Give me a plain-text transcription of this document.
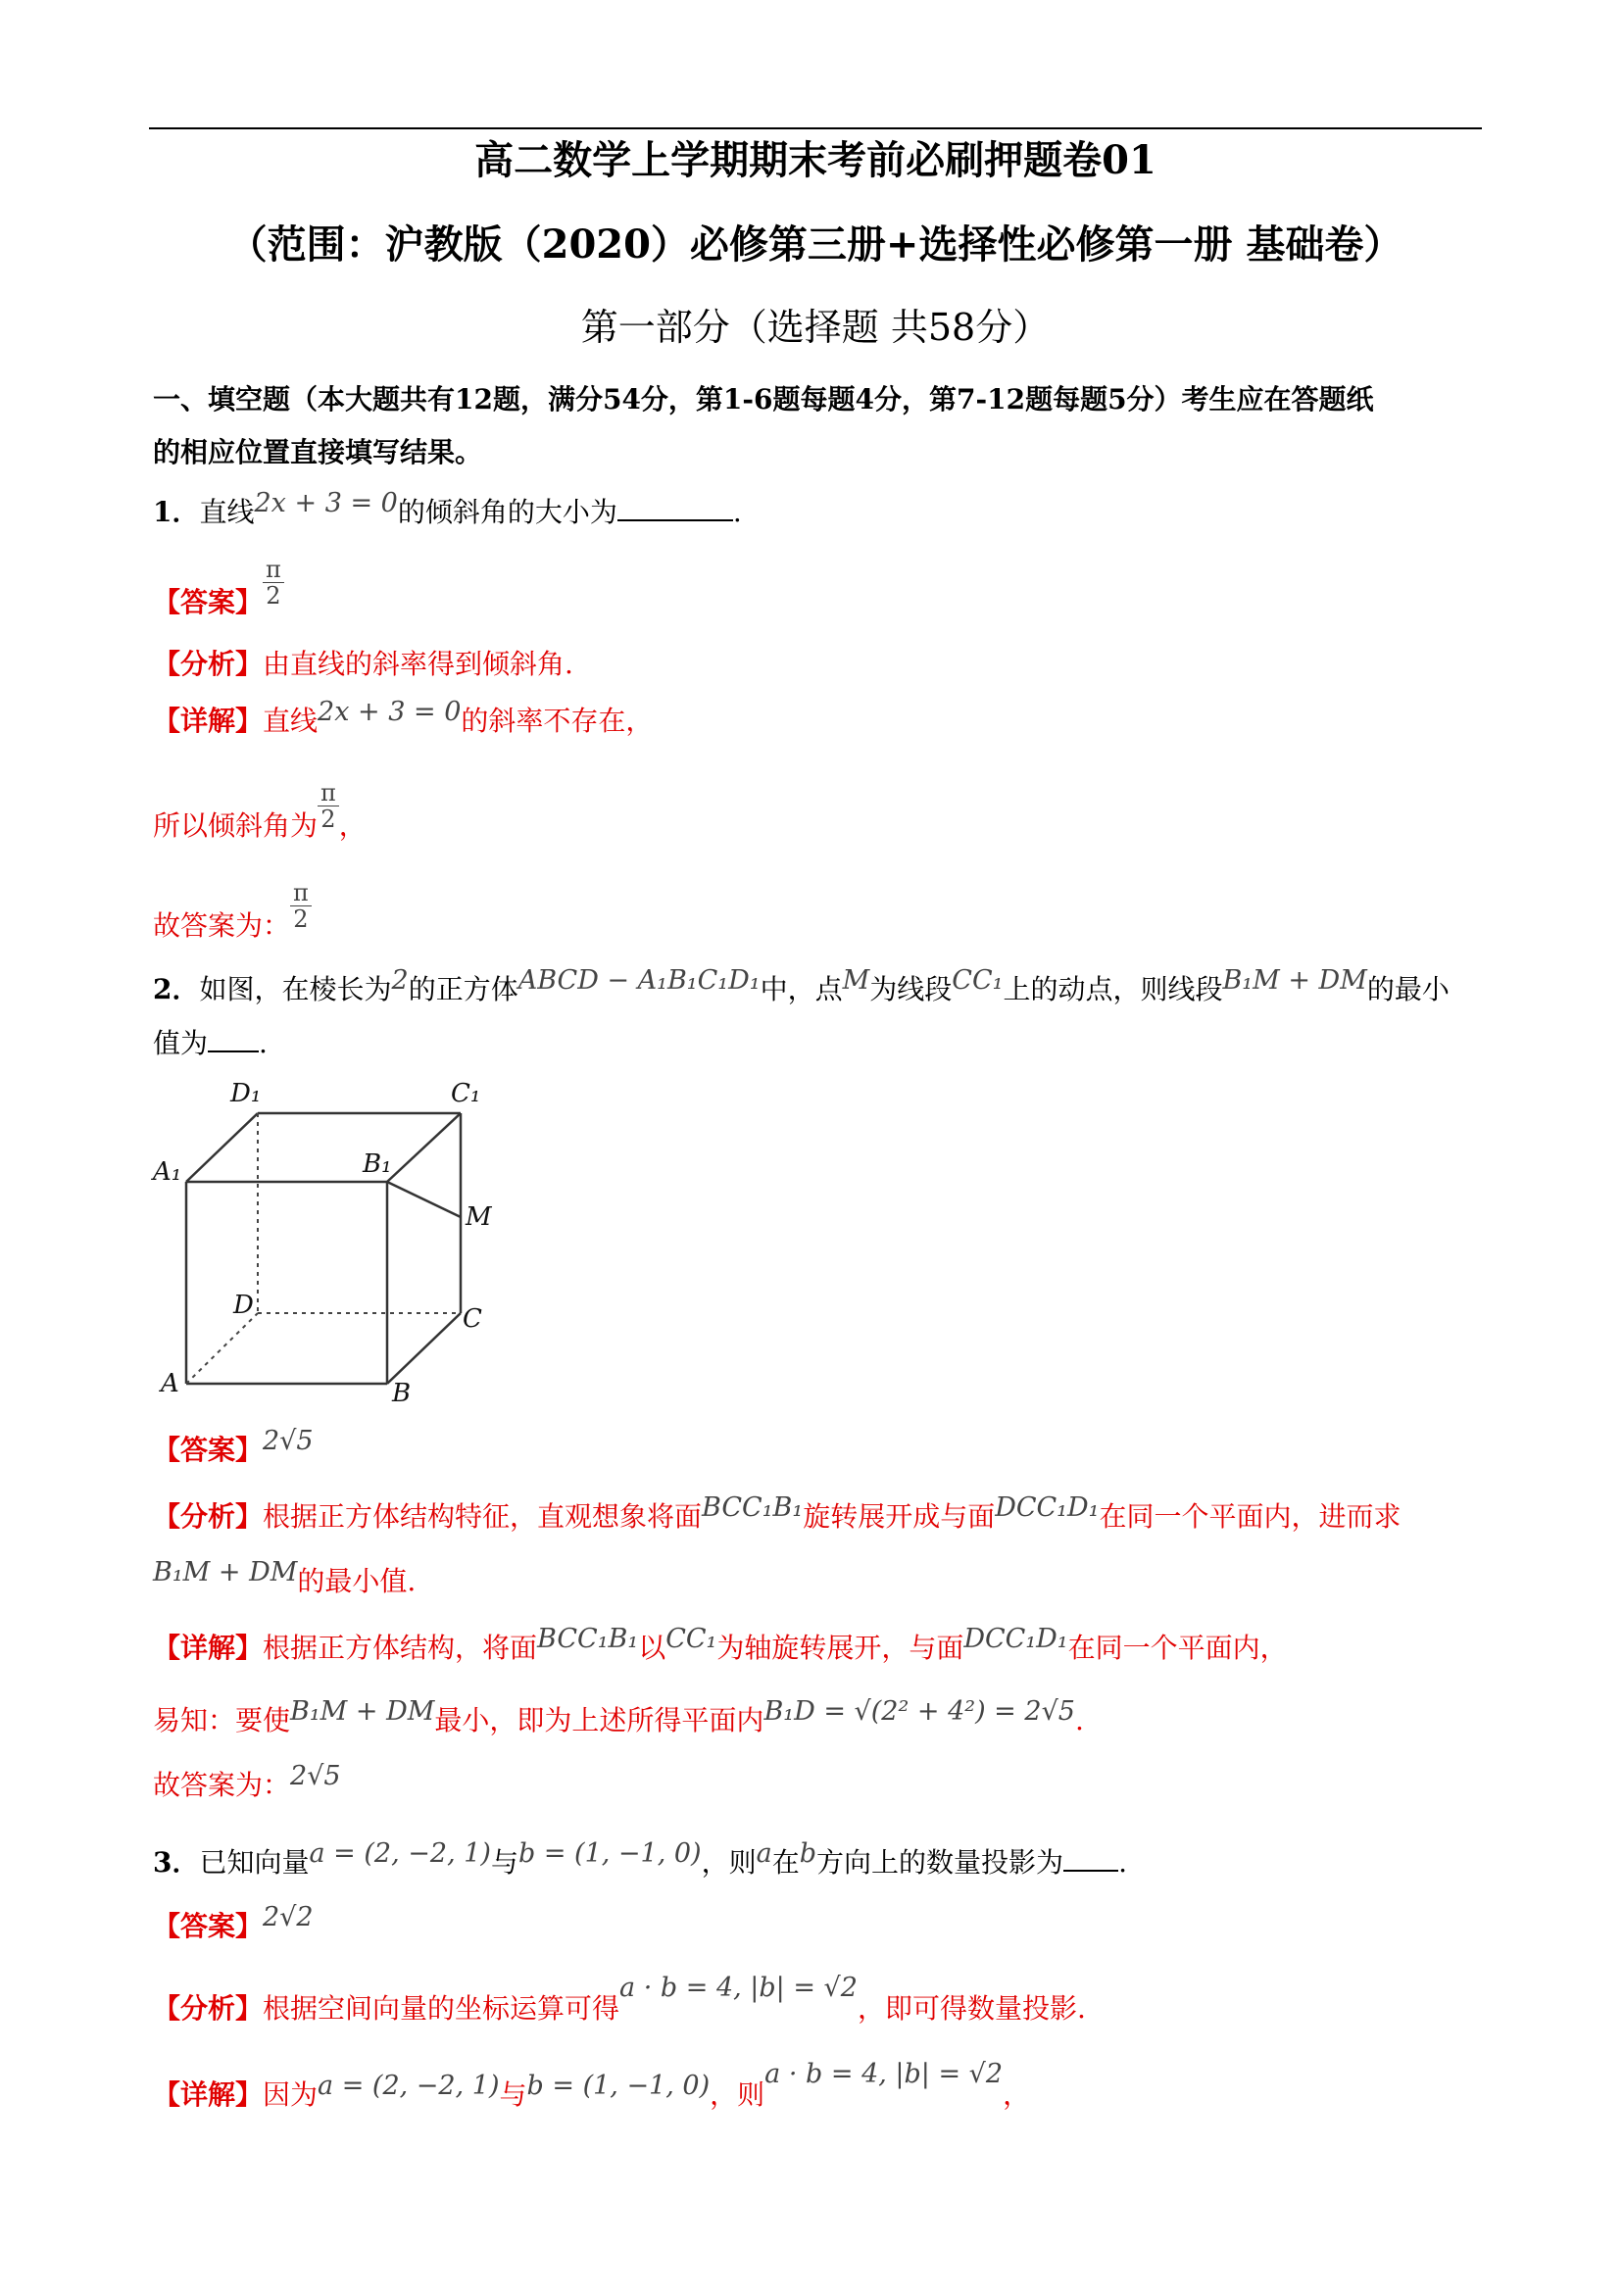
高二数学上学期期末考前必刷押题卷01
（范围：沪教版（2020）必修第三册+选择性必修第一册 基础卷）
第一部分（选择题 共58分）
一、填空题（本大题共有12题，满分54分，第1-6题每题4分，第7-12题每题5分）考生应在答题纸
的相应位置直接填写结果。
1．直线2x + 3 = 0的倾斜角的大小为	.
【答案】 $\frac{\pi}{2}$
【分析】由直线的斜率得到倾斜角.
【详解】直线2x + 3 = 0的斜率不存在，
所以倾斜角为 $\frac{\pi}{2}$ ，
故答案为： $\frac{\pi}{2}$
2．如图，在棱长为2的正方体ABCD − A₁B₁C₁D₁中，点M为线段CC₁上的动点，则线段B₁M + DM的最小
值为 .
D₁	C₁
A₁	B₁
M
D	C
A	B
【答案】2√5
【分析】根据正方体结构特征，直观想象将面BCC₁B₁旋转展开成与面DCC₁D₁在同一个平面内，进而求
B₁M + DM的最小值.
【详解】根据正方体结构，将面BCC₁B₁以CC₁为轴旋转展开，与面DCC₁D₁在同一个平面内，
易知：要使B₁M + DM最小，即为上述所得平面内B₁D = √(2² + 4²) = 2√5.
故答案为：2√5
3．已知向量a = (2, −2, 1)与b = (1, −1, 0)，则a在b方向上的数量投影为 .
【答案】2√2
【分析】根据空间向量的坐标运算可得a · b = 4, |b| = √2，即可得数量投影.
【详解】因为a = (2, −2, 1)与b = (1, −1, 0)，则a · b = 4, |b| = √2，
